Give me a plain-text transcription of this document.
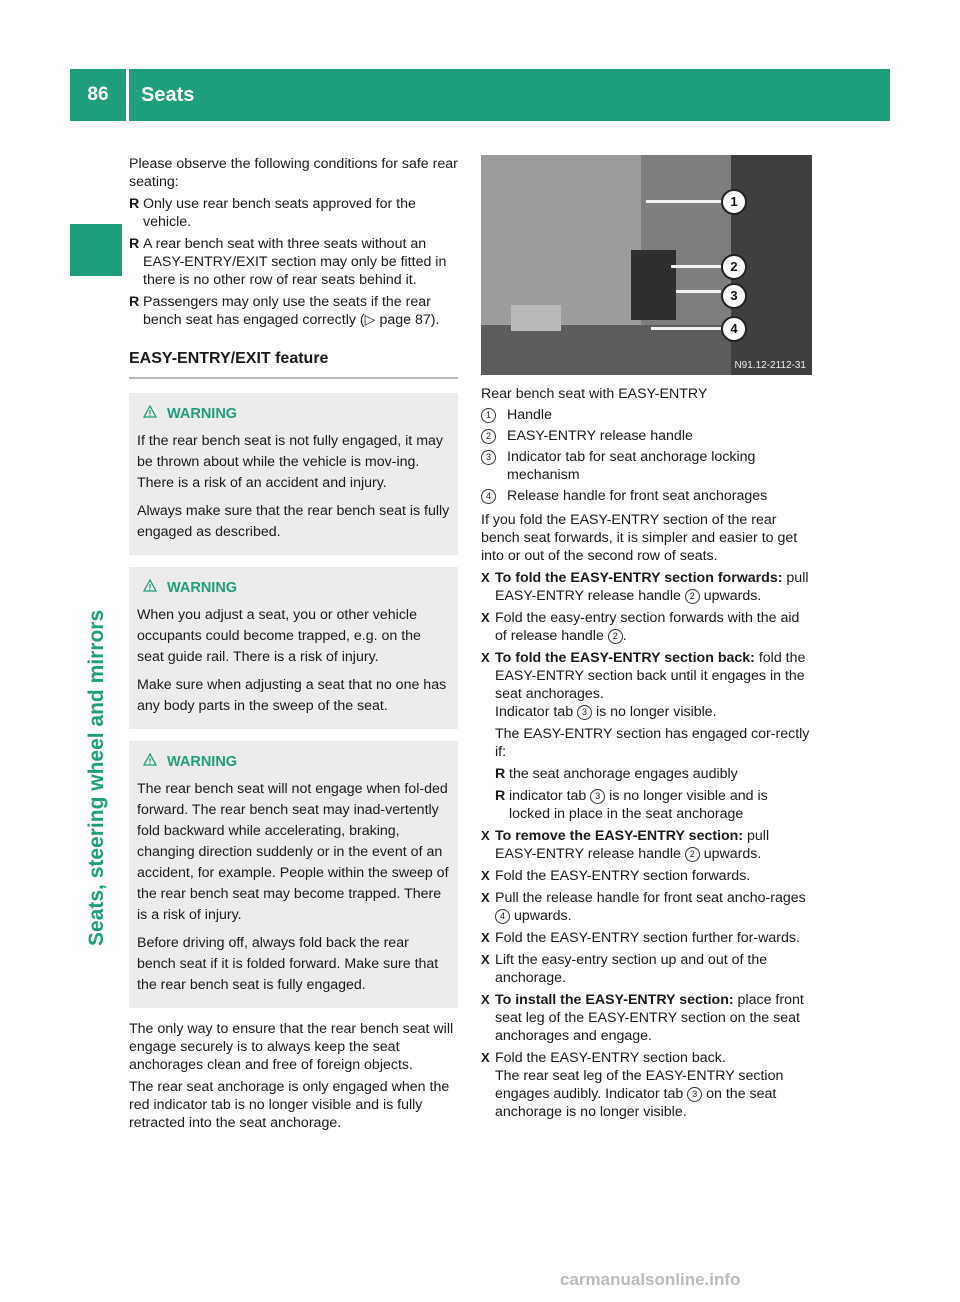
86	Seats
Seats, steering wheel and mirrors

Please observe the following conditions for safe rear seating:

R Only use rear bench seats approved for the vehicle.
R A rear bench seat with three seats without an EASY-ENTRY/EXIT section may only be fitted in there is no other row of rear seats behind it.
R Passengers may only use the seats if the rear bench seat has engaged correctly (▷ page 87).
EASY-ENTRY/EXIT feature
WARNING

If the rear bench seat is not fully engaged, it may be thrown about while the vehicle is mov-ing. There is a risk of an accident and injury.

Always make sure that the rear bench seat is fully engaged as described.

WARNING

When you adjust a seat, you or other vehicle occupants could become trapped, e.g. on the seat guide rail. There is a risk of injury.

Make sure when adjusting a seat that no one has any body parts in the sweep of the seat.

WARNING

The rear bench seat will not engage when fol-ded forward. The rear bench seat may inad-vertently fold backward while accelerating, braking, changing direction suddenly or in the event of an accident, for example. People within the sweep of the rear bench seat may become trapped. There is a risk of injury.

Before driving off, always fold back the rear bench seat if it is folded forward. Make sure that the rear bench seat is fully engaged.

The only way to ensure that the rear bench seat will engage securely is to always keep the seat anchorages clean and free of foreign objects.

The rear seat anchorage is only engaged when the red indicator tab is no longer visible and is fully retracted into the seat anchorage.

1
2
3
4
N91.12-2112-31

Rear bench seat with EASY-ENTRY

1	Handle
2	EASY-ENTRY release handle
3	Indicator tab for seat anchorage locking mechanism
4	Release handle for front seat anchorages

If you fold the EASY-ENTRY section of the rear bench seat forwards, it is simpler and easier to get into or out of the second row of seats.

X To fold the EASY-ENTRY section forwards: pull EASY-ENTRY release handle 2 upwards.
X Fold the easy-entry section forwards with the aid of release handle 2 .
X To fold the EASY-ENTRY section back: fold the EASY-ENTRY section back until it engages in the seat anchorages.
Indicator tab 3 is no longer visible.
The EASY-ENTRY section has engaged cor-rectly if:
R the seat anchorage engages audibly
R indicator tab 3 is no longer visible and is locked in place in the seat anchorage
X To remove the EASY-ENTRY section: pull EASY-ENTRY release handle 2 upwards.
X Fold the EASY-ENTRY section forwards.
X Pull the release handle for front seat ancho-rages 4 upwards.
X Fold the EASY-ENTRY section further for-wards.
X Lift the easy-entry section up and out of the anchorage.
X To install the EASY-ENTRY section: place front seat leg of the EASY-ENTRY section on the seat anchorages and engage.
X Fold the EASY-ENTRY section back.
The rear seat leg of the EASY-ENTRY section engages audibly. Indicator tab 3 on the seat anchorage is no longer visible.
carmanualsonline.info
